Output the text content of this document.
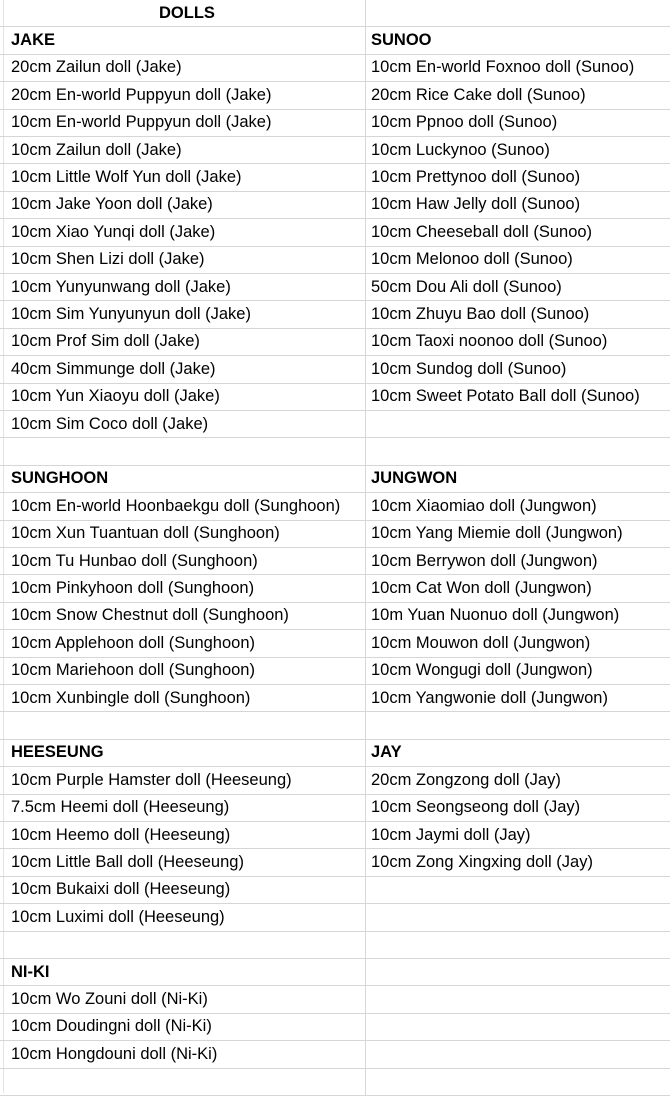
DOLLS
JAKE	SUNOO
20cm Zailun doll (Jake)	10cm En-world Foxnoo doll (Sunoo)
20cm En-world Puppyun doll (Jake)	20cm Rice Cake doll (Sunoo)
10cm En-world Puppyun doll (Jake)	10cm Ppnoo doll (Sunoo)
10cm Zailun doll (Jake)	10cm Luckynoo (Sunoo)
10cm Little Wolf Yun doll (Jake)	10cm Prettynoo doll (Sunoo)
10cm Jake Yoon doll (Jake)	10cm Haw Jelly doll (Sunoo)
10cm Xiao Yunqi doll (Jake)	10cm Cheeseball doll (Sunoo)
10cm Shen Lizi doll (Jake)	10cm Melonoo doll (Sunoo)
10cm Yunyunwang doll (Jake)	50cm Dou Ali doll (Sunoo)
10cm Sim Yunyunyun doll (Jake)	10cm Zhuyu Bao doll (Sunoo)
10cm Prof Sim doll (Jake)	10cm Taoxi noonoo doll (Sunoo)
40cm Simmunge doll (Jake)	10cm Sundog doll (Sunoo)
10cm Yun Xiaoyu doll (Jake)	10cm Sweet Potato Ball doll (Sunoo)
10cm Sim Coco doll (Jake)
SUNGHOON	JUNGWON
10cm En-world Hoonbaekgu doll (Sunghoon)	10cm Xiaomiao doll (Jungwon)
10cm Xun Tuantuan doll (Sunghoon)	10cm Yang Miemie doll (Jungwon)
10cm Tu Hunbao doll (Sunghoon)	10cm Berrywon doll (Jungwon)
10cm Pinkyhoon doll (Sunghoon)	10cm Cat Won doll (Jungwon)
10cm Snow Chestnut doll (Sunghoon)	10m Yuan Nuonuo doll (Jungwon)
10cm Applehoon doll (Sunghoon)	10cm Mouwon doll (Jungwon)
10cm Mariehoon doll (Sunghoon)	10cm Wongugi doll (Jungwon)
10cm Xunbingle doll (Sunghoon)	10cm Yangwonie doll (Jungwon)
HEESEUNG	JAY
10cm Purple Hamster doll (Heeseung)	20cm Zongzong doll (Jay)
7.5cm Heemi doll (Heeseung)	10cm Seongseong doll (Jay)
10cm Heemo doll (Heeseung)	10cm Jaymi doll (Jay)
10cm Little Ball doll (Heeseung)	10cm Zong Xingxing doll (Jay)
10cm Bukaixi doll (Heeseung)
10cm Luximi doll (Heeseung)
NI-KI
10cm Wo Zouni doll (Ni-Ki)
10cm Doudingni doll (Ni-Ki)
10cm Hongdouni doll (Ni-Ki)
